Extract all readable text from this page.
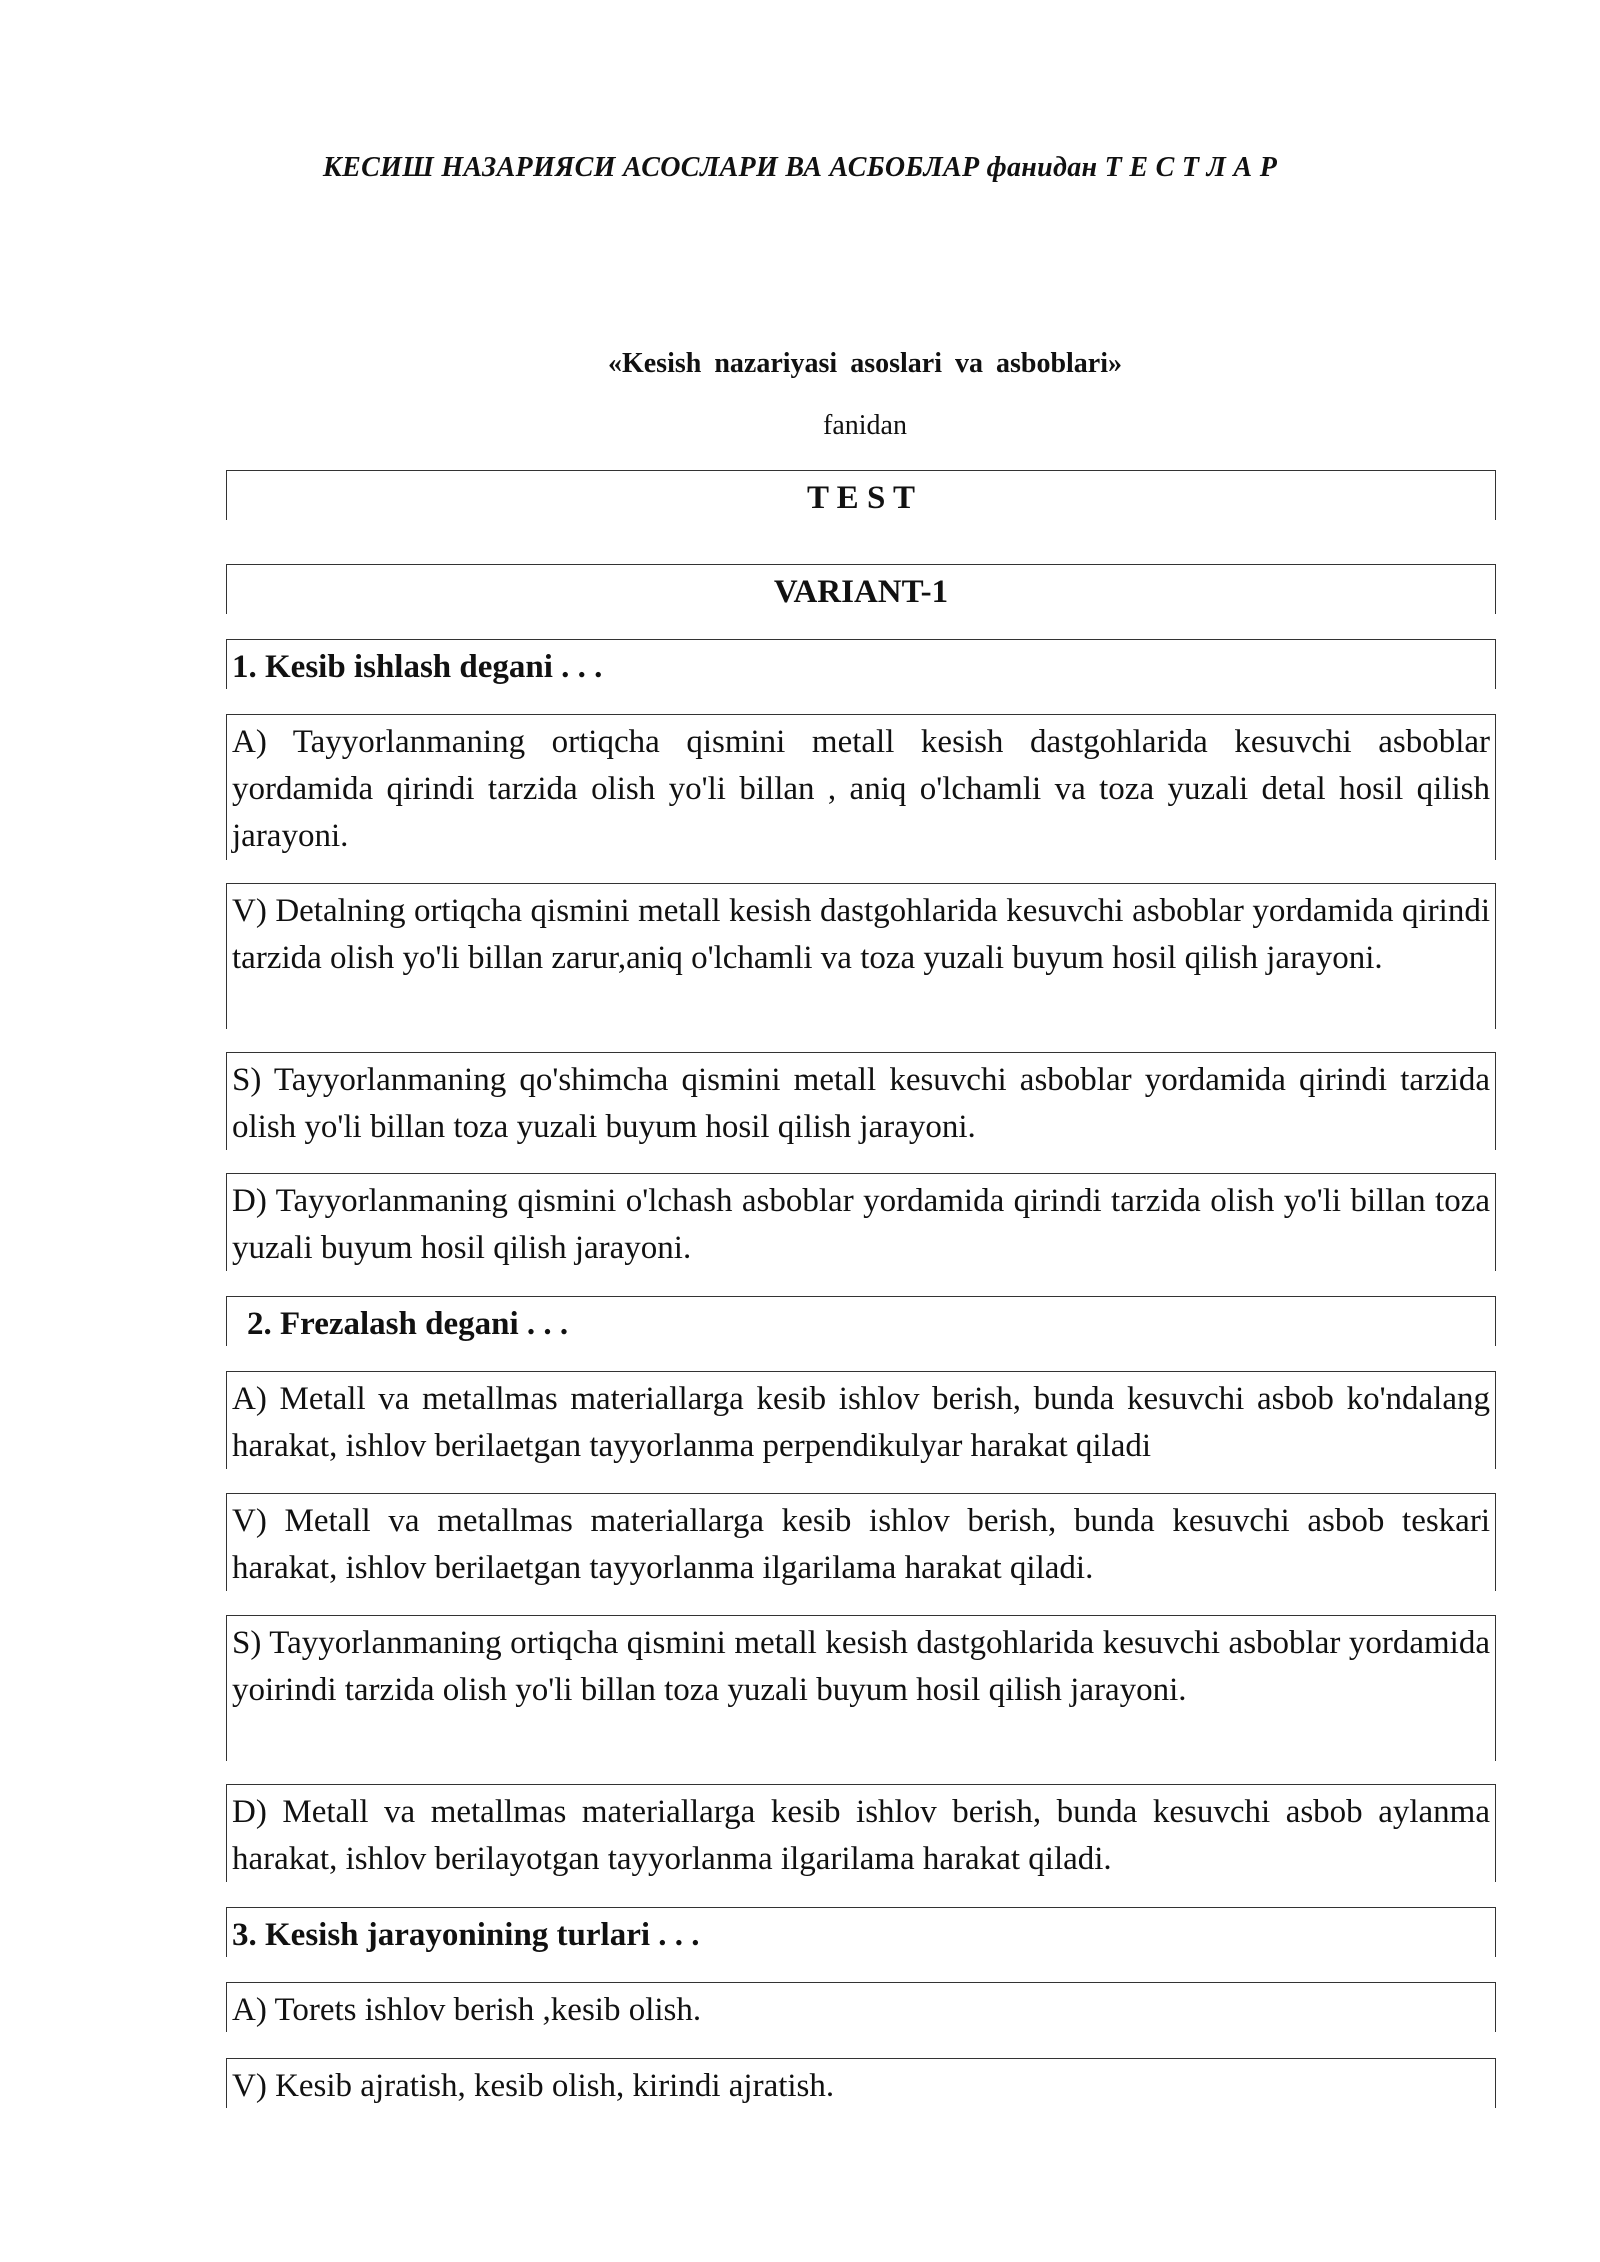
КЕСИШ НАЗАРИЯСИ АСОСЛАРИ ВА АСБОБЛАР фанидан Т Е С Т Л А Р
«Kesish nazariyasi asoslari va asboblari»
fanidan
T E S T
VARIANT-1
1. Kesib ishlash degani . . .
A) Tayyorlanmaning ortiqcha qismini metall kesish dastgohlarida kesuvchi asboblar yordamida qirindi tarzida olish yo'li billan , aniq o'lchamli va toza yuzali detal hosil qilish jarayoni.
V) Detalning ortiqcha qismini metall kesish dastgohlarida kesuvchi asboblar yordamida qirindi tarzida olish yo'li billan zarur,aniq o'lchamli va toza yuzali buyum hosil qilish jarayoni.
S) Tayyorlanmaning qo'shimcha qismini metall kesuvchi asboblar yordamida qirindi tarzida olish yo'li billan toza yuzali buyum hosil qilish jarayoni.
D) Tayyorlanmaning qismini o'lchash asboblar yordamida qirindi tarzida olish yo'li billan toza yuzali buyum hosil qilish jarayoni.
2. Frezalash degani . . .
A) Metall va metallmas materiallarga kesib ishlov berish, bunda kesuvchi asbob ko'ndalang harakat, ishlov berilaetgan tayyorlanma perpendikulyar harakat qiladi
V) Metall va metallmas materiallarga kesib ishlov berish, bunda kesuvchi asbob teskari harakat, ishlov berilaetgan tayyorlanma ilgarilama harakat qiladi.
S) Tayyorlanmaning ortiqcha qismini metall kesish dastgohlarida kesuvchi asboblar yordamida yoirindi tarzida olish yo'li billan toza yuzali buyum hosil qilish jarayoni.
D) Metall va metallmas materiallarga kesib ishlov berish, bunda kesuvchi asbob aylanma harakat, ishlov berilayotgan tayyorlanma ilgarilama harakat qiladi.
3. Kesish jarayonining turlari . . .
A) Torets ishlov berish ,kesib olish.
V) Kesib ajratish, kesib olish, kirindi ajratish.
